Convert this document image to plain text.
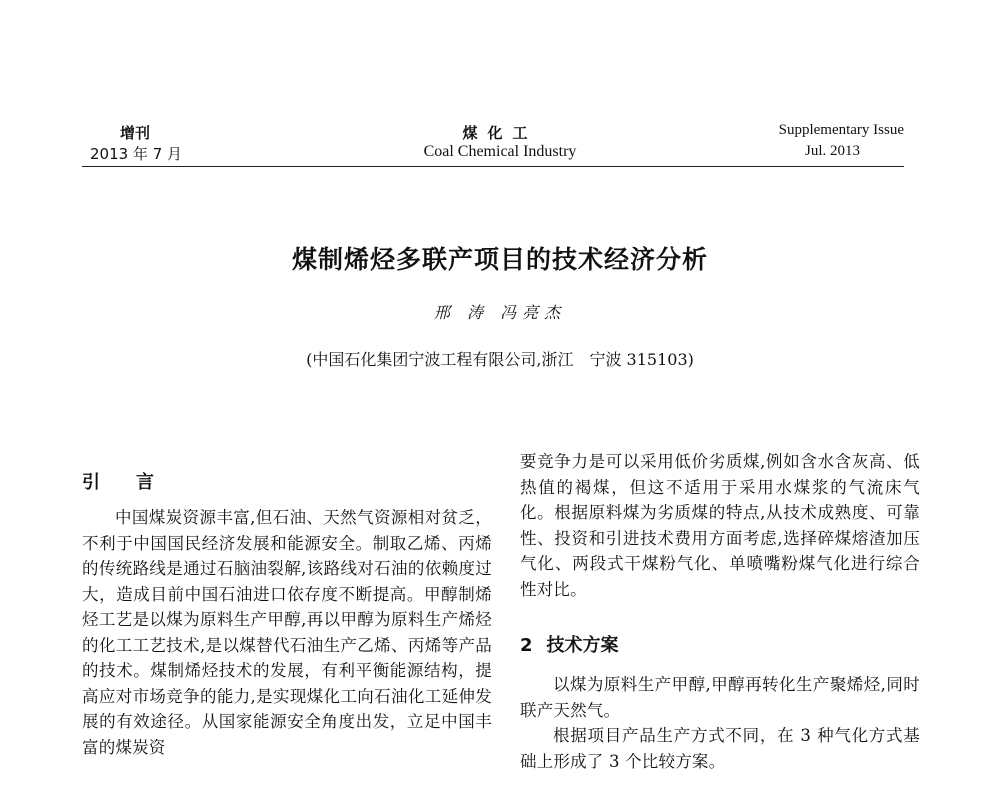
增刊
2013 年 7 月
煤化工
Coal Chemical Industry
Supplementary Issue
Jul. 2013
煤制烯烃多联产项目的技术经济分析
邢 涛 冯亮杰
(中国石化集团宁波工程有限公司,浙江　宁波 315103)
引言

中国煤炭资源丰富,但石油、天然气资源相对贫乏，不利于中国国民经济发展和能源安全。制取乙烯、丙烯的传统路线是通过石脑油裂解,该路线对石油的依赖度过大，造成目前中国石油进口依存度不断提高。甲醇制烯烃工艺是以煤为原料生产甲醇,再以甲醇为原料生产烯烃的化工工艺技术,是以煤替代石油生产乙烯、丙烯等产品的技术。煤制烯烃技术的发展，有利平衡能源结构，提高应对市场竞争的能力,是实现煤化工向石油化工延伸发展的有效途径。从国家能源安全角度出发，立足中国丰富的煤炭资

要竞争力是可以采用低价劣质煤,例如含水含灰高、低热值的褐煤，但这不适用于采用水煤浆的气流床气化。根据原料煤为劣质煤的特点,从技术成熟度、可靠性、投资和引进技术费用方面考虑,选择碎煤熔渣加压气化、两段式干煤粉气化、单喷嘴粉煤气化进行综合性对比。

2 技术方案

以煤为原料生产甲醇,甲醇再转化生产聚烯烃,同时联产天然气。

根据项目产品生产方式不同，在 3 种气化方式基础上形成了 3 个比较方案。
